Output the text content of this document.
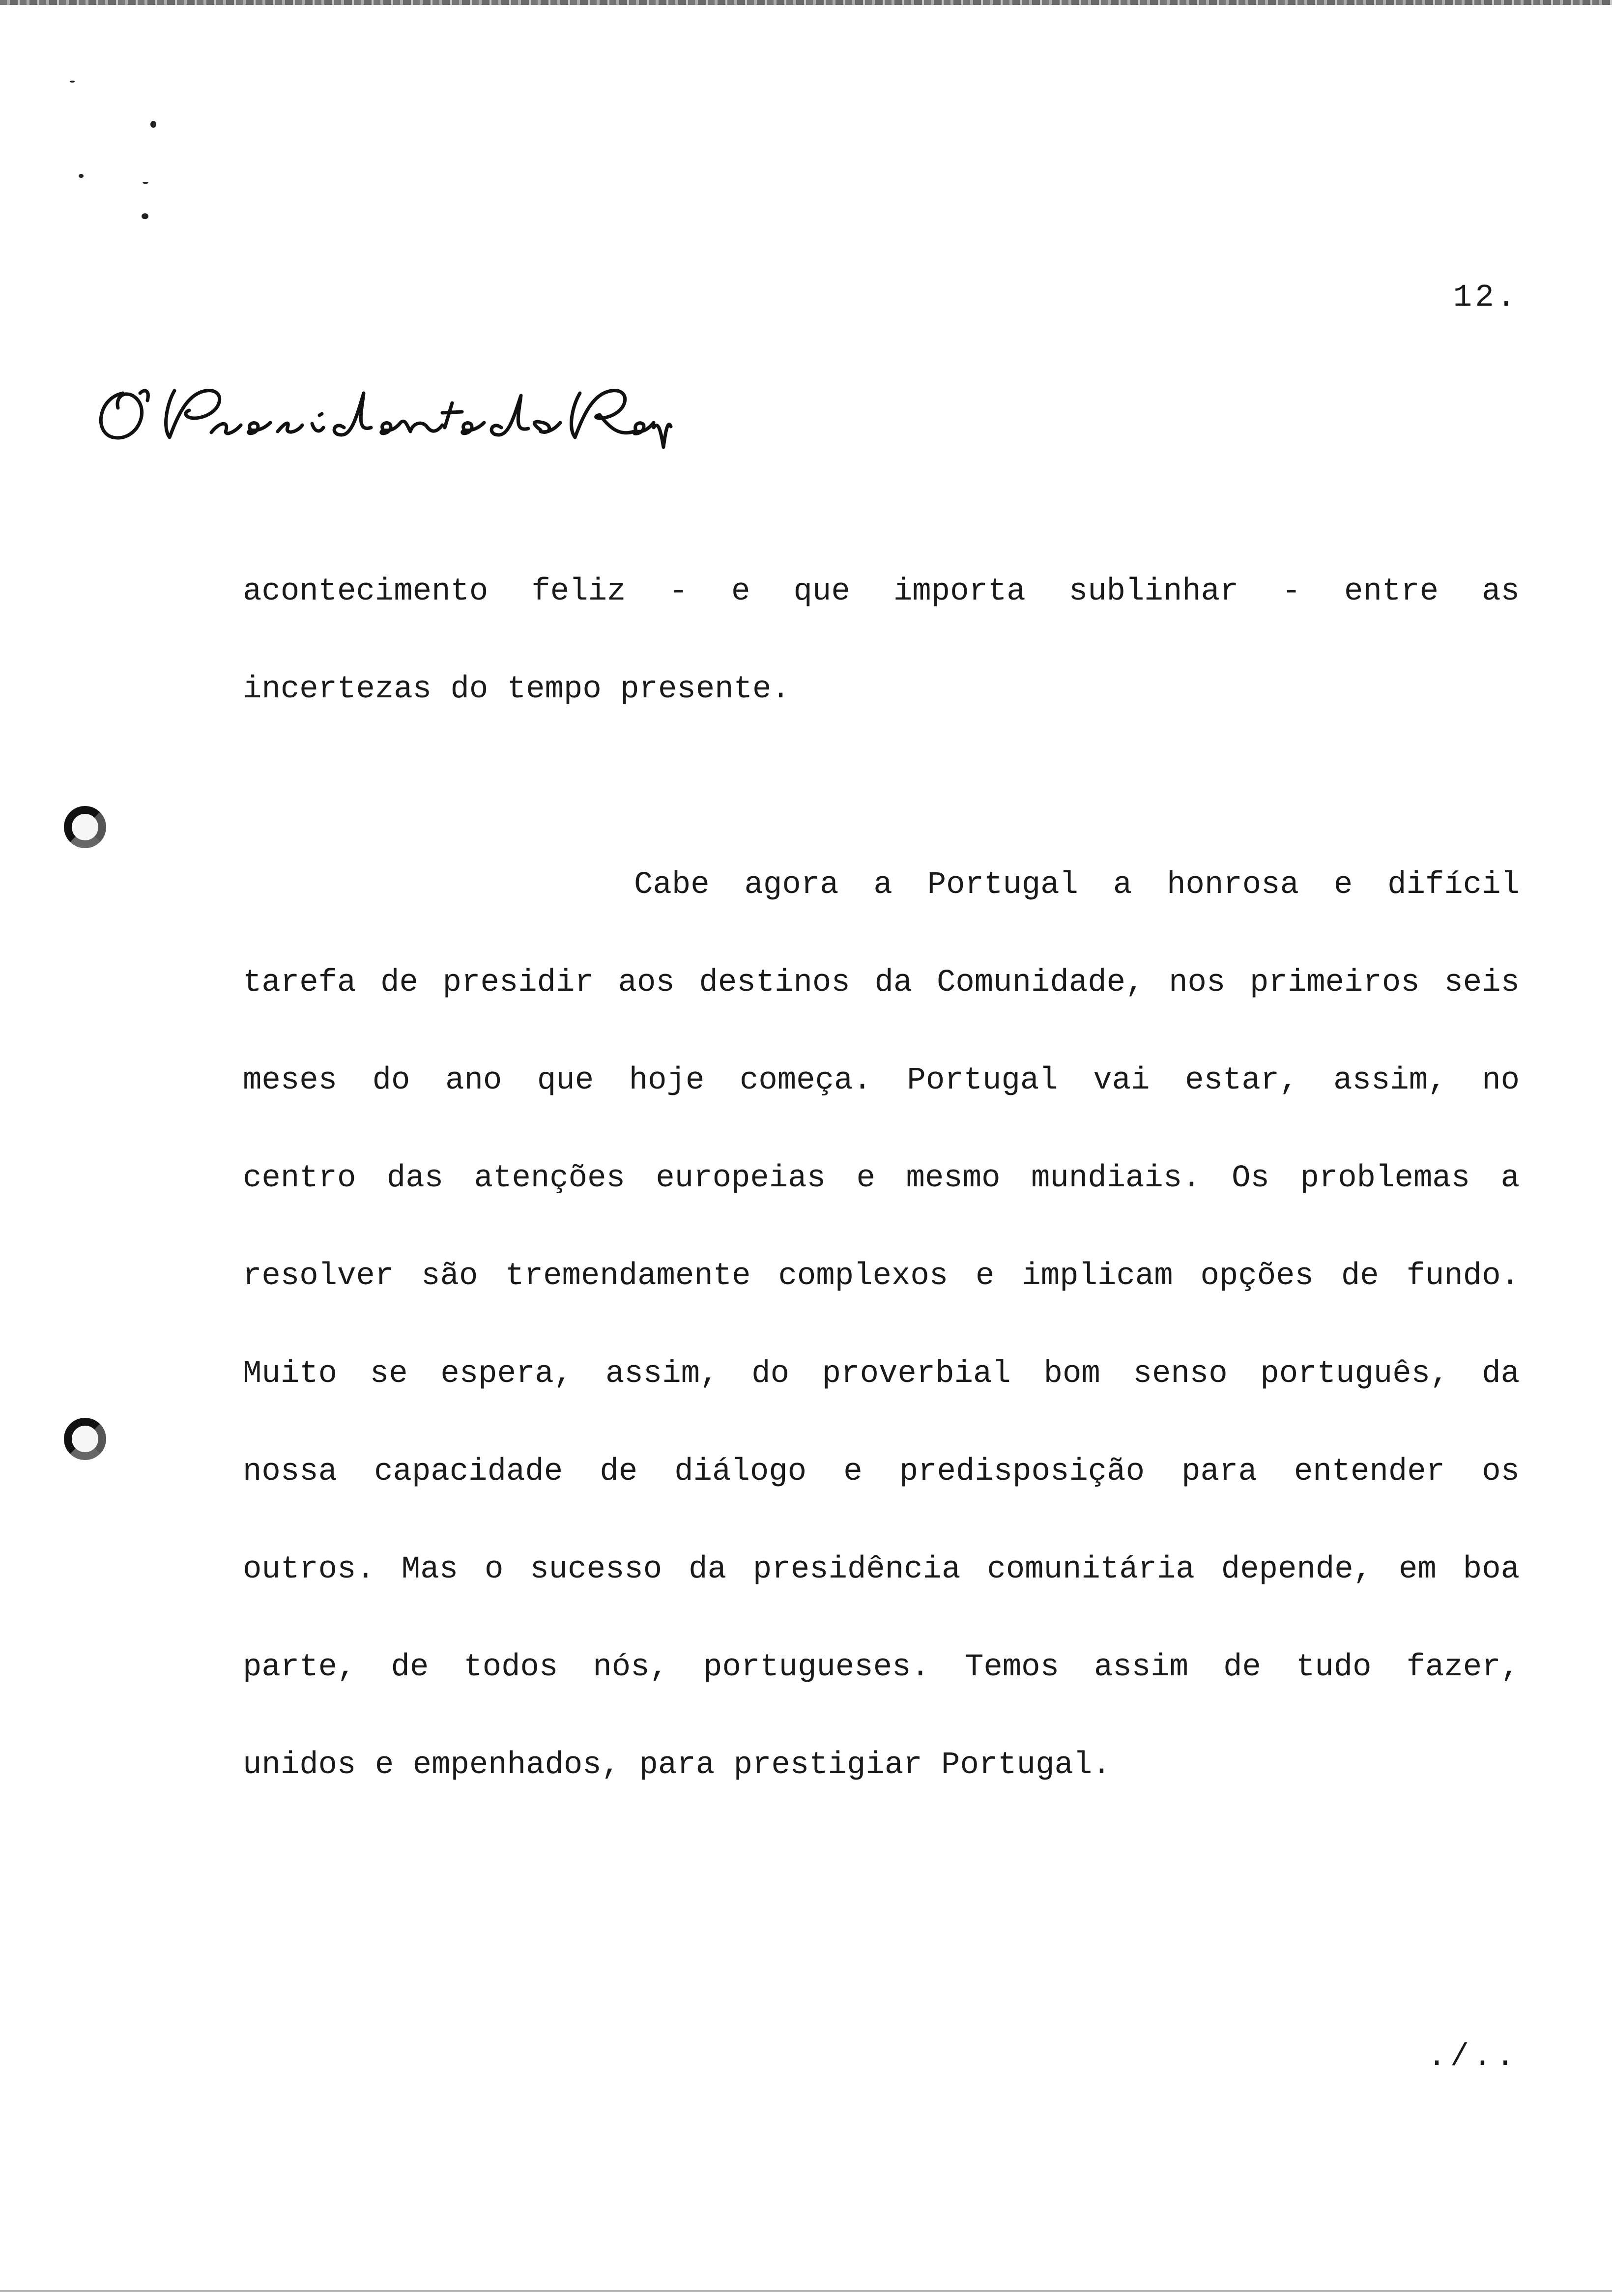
12.
acontecimento feliz - e que importa sublinhar - entre as
incertezas do tempo presente.
Cabe agora a Portugal a honrosa e difícil
tarefa de presidir aos destinos da Comunidade, nos primeiros seis
meses do ano que hoje começa. Portugal vai estar, assim, no
centro das atenções europeias e mesmo mundiais. Os problemas a
resolver são tremendamente complexos e implicam opções de fundo.
Muito se espera, assim, do proverbial bom senso português, da
nossa capacidade de diálogo e predisposição para entender os
outros. Mas o sucesso da presidência comunitária depende, em boa
parte, de todos nós, portugueses. Temos assim de tudo fazer,
unidos e empenhados, para prestigiar Portugal.
./..
